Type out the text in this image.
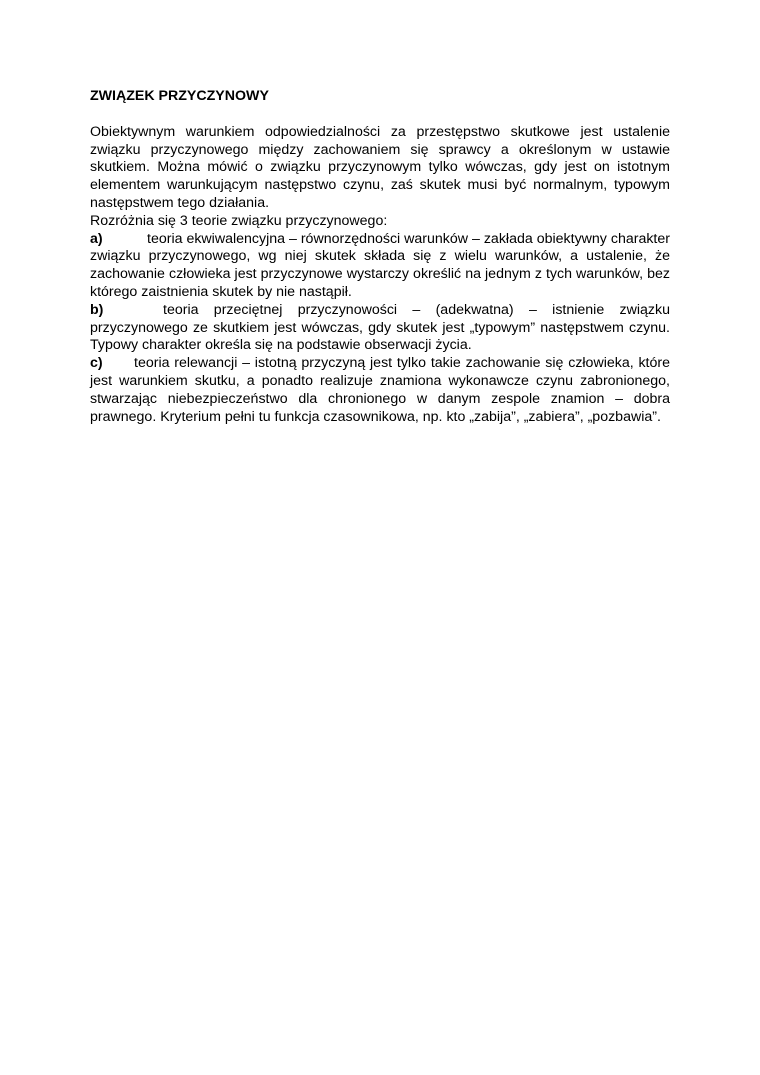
ZWIĄZEK PRZYCZYNOWY

Obiektywnym warunkiem odpowiedzialności za przestępstwo skutkowe jest ustalenie związku przyczynowego między zachowaniem się sprawcy a określonym w ustawie skutkiem. Można mówić o związku przyczynowym tylko wówczas, gdy jest on istotnym elementem warunkującym następstwo czynu, zaś skutek musi być normalnym, typowym następstwem tego działania.

Rozróżnia się 3 teorie związku przyczynowego:

a)	teoria ekwiwalencyjna – równorzędności warunków – zakłada obiektywny charakter związku przyczynowego, wg niej skutek składa się z wielu warunków, a ustalenie, że zachowanie człowieka jest przyczynowe wystarczy określić na jednym z tych warunków, bez którego zaistnienia skutek by nie nastąpił.

b)	teoria przeciętnej przyczynowości – (adekwatna) – istnienie związku przyczynowego ze skutkiem jest wówczas, gdy skutek jest „typowym” następstwem czynu. Typowy charakter określa się na podstawie obserwacji życia.

c) teoria relewancji – istotną przyczyną jest tylko takie zachowanie się człowieka, które jest warunkiem skutku, a ponadto realizuje znamiona wykonawcze czynu zabronionego, stwarzając niebezpieczeństwo dla chronionego w danym zespole znamion – dobra prawnego. Kryterium pełni tu funkcja czasownikowa, np. kto „zabija”, „zabiera”, „pozbawia”.
